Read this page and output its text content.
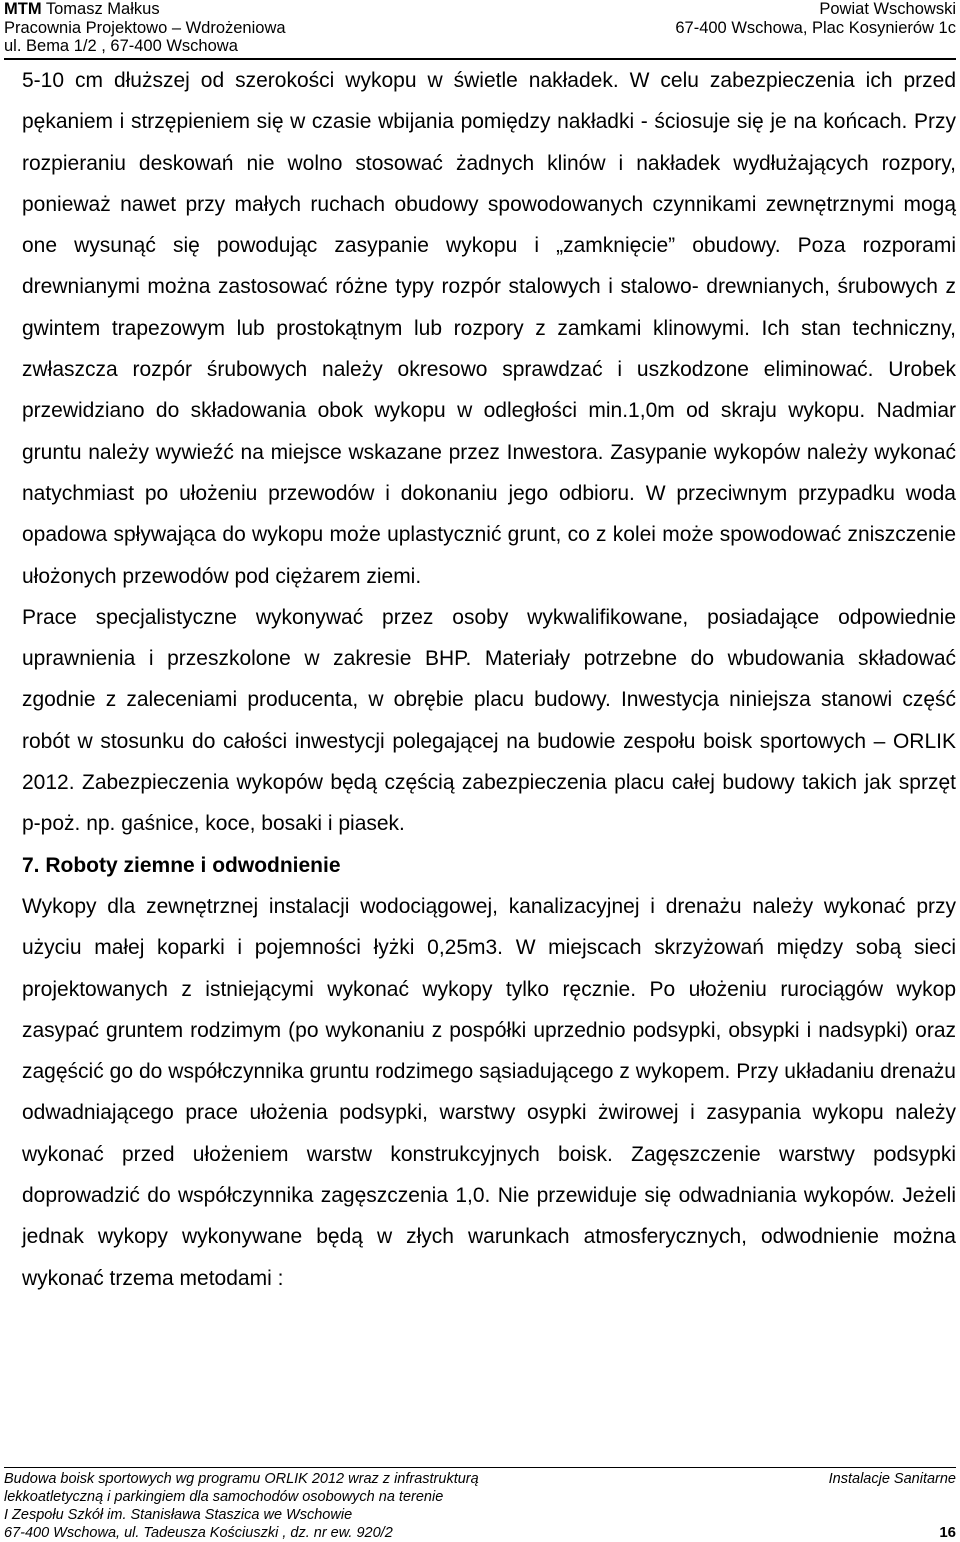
MTM Tomasz Małkus
Pracownia Projektowo – Wdrożeniowa
ul. Bema 1/2 , 67-400 Wschowa
Powiat Wschowski
67-400 Wschowa, Plac Kosynierów 1c

5-10 cm dłuższej od szerokości wykopu w świetle nakładek. W celu zabezpieczenia ich przed pękaniem i strzępieniem się w czasie wbijania pomiędzy nakładki - ściosuje się je na końcach. Przy rozpieraniu deskowań nie wolno stosować żadnych klinów i nakładek wydłużających rozpory, ponieważ nawet przy małych ruchach obudowy spowodowanych czynnikami zewnętrznymi mogą one wysunąć się powodując zasypanie wykopu i „zamknięcie” obudowy. Poza rozporami drewnianymi można zastosować różne typy rozpór stalowych i stalowo- drewnianych, śrubowych z gwintem trapezowym lub prostokątnym lub rozpory z zamkami klinowymi. Ich stan techniczny, zwłaszcza rozpór śrubowych należy okresowo sprawdzać i uszkodzone eliminować. Urobek przewidziano do składowania obok wykopu w odległości min.1,0m od skraju wykopu. Nadmiar gruntu należy wywieźć na miejsce wskazane przez Inwestora. Zasypanie wykopów należy wykonać natychmiast po ułożeniu przewodów i dokonaniu jego odbioru. W przeciwnym przypadku woda opadowa spływająca do wykopu może uplastycznić grunt, co z kolei może spowodować zniszczenie ułożonych przewodów pod ciężarem ziemi.

Prace specjalistyczne wykonywać przez osoby wykwalifikowane, posiadające odpowiednie uprawnienia i przeszkolone w zakresie BHP. Materiały potrzebne do wbudowania składować zgodnie z zaleceniami producenta, w obrębie placu budowy. Inwestycja niniejsza stanowi część robót w stosunku do całości inwestycji polegającej na budowie zespołu boisk sportowych – ORLIK 2012. Zabezpieczenia wykopów będą częścią zabezpieczenia placu całej budowy takich jak sprzęt p-poż. np. gaśnice, koce, bosaki i piasek.

7. Roboty ziemne i odwodnienie

Wykopy dla zewnętrznej instalacji wodociągowej, kanalizacyjnej i drenażu należy wykonać przy użyciu małej koparki i pojemności łyżki 0,25m3. W miejscach skrzyżowań między sobą sieci projektowanych z istniejącymi wykonać wykopy tylko ręcznie. Po ułożeniu rurociągów wykop zasypać gruntem rodzimym (po wykonaniu z pospółki uprzednio podsypki, obsypki i nadsypki) oraz zagęścić go do współczynnika gruntu rodzimego sąsiadującego z wykopem. Przy układaniu drenażu odwadniającego prace ułożenia podsypki, warstwy osypki żwirowej i zasypania wykopu należy wykonać przed ułożeniem warstw konstrukcyjnych boisk. Zagęszczenie warstwy podsypki doprowadzić do współczynnika zagęszczenia 1,0. Nie przewiduje się odwadniania wykopów. Jeżeli jednak wykopy wykonywane będą w złych warunkach atmosferycznych, odwodnienie można wykonać trzema metodami :

Budowa boisk sportowych wg programu ORLIK 2012 wraz z infrastrukturą
lekkoatletyczną i parkingiem dla samochodów osobowych na terenie
I Zespołu Szkół im. Stanisława Staszica we Wschowie
67-400 Wschowa, ul. Tadeusza Kościuszki , dz. nr ew. 920/2
Instalacje Sanitarne
16
